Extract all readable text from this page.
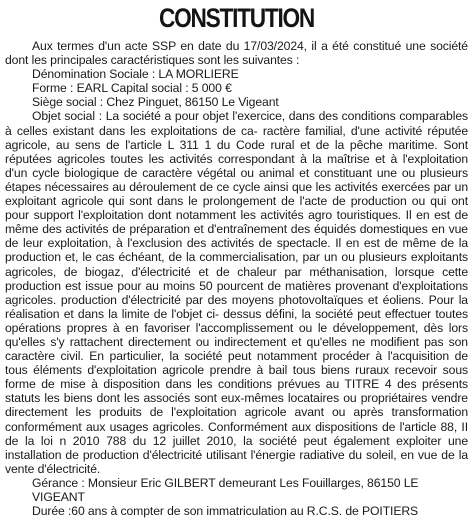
CONSTITUTION

Aux termes d'un acte SSP en date du 17/03/2024, il a été constitué une société dont les principales caractéristiques sont les suivantes :

Dénomination Sociale : LA MORLIERE

Forme : EARL Capital social : 5 000 €

Siège social : Chez Pinguet, 86150 Le Vigeant

Objet social : La société a pour objet l'exercice, dans des conditions comparables à celles existant dans les exploitations de ca- ractère familial, d'une activité réputée agricole, au sens de l'article L 311 1 du Code rural et de la pêche maritime. Sont réputées agricoles toutes les activités correspondant à la maîtrise et à l'exploitation d'un cycle biologique de caractère végétal ou animal et constituant une ou plusieurs étapes nécessaires au déroulement de ce cycle ainsi que les activités exercées par un exploitant agricole qui sont dans le prolongement de l'acte de production ou qui ont pour support l'exploitation dont notamment les activités agro touristiques. Il en est de même des activités de préparation et d'entraînement des équidés domestiques en vue de leur exploitation, à l'exclusion des activités de spectacle. Il en est de même de la production et, le cas échéant, de la commercialisation, par un ou plusieurs exploitants agricoles, de biogaz, d'électricité et de chaleur par méthanisation, lorsque cette production est issue pour au moins 50 pourcent de matières provenant d'exploitations agricoles. production d'électricité par des moyens photovoltaïques et éoliens. Pour la réalisation et dans la limite de l'objet ci- dessus défini, la société peut effectuer toutes opérations propres à en favoriser l'accomplissement ou le développement, dès lors qu'elles s'y rattachent directement ou indirectement et qu'elles ne modifient pas son caractère civil. En particulier, la société peut notamment procéder à l'acquisition de tous éléments d'exploitation agricole prendre à bail tous biens ruraux recevoir sous forme de mise à disposition dans les conditions prévues au TITRE 4 des présents statuts les biens dont les associés sont eux-mêmes locataires ou propriétaires vendre directement les produits de l'exploitation agricole avant ou après transformation conformément aux usages agricoles. Conformément aux dispositions de l'article 88, II de la loi n 2010 788 du 12 juillet 2010, la société peut également exploiter une installation de production d'électricité utilisant l'énergie radiative du soleil, en vue de la vente d'électricité.

Gérance : Monsieur Eric GILBERT demeurant Les Fouillarges, 86150 LE VIGEANT

Durée :60 ans à compter de son immatriculation au R.C.S. de POITIERS
